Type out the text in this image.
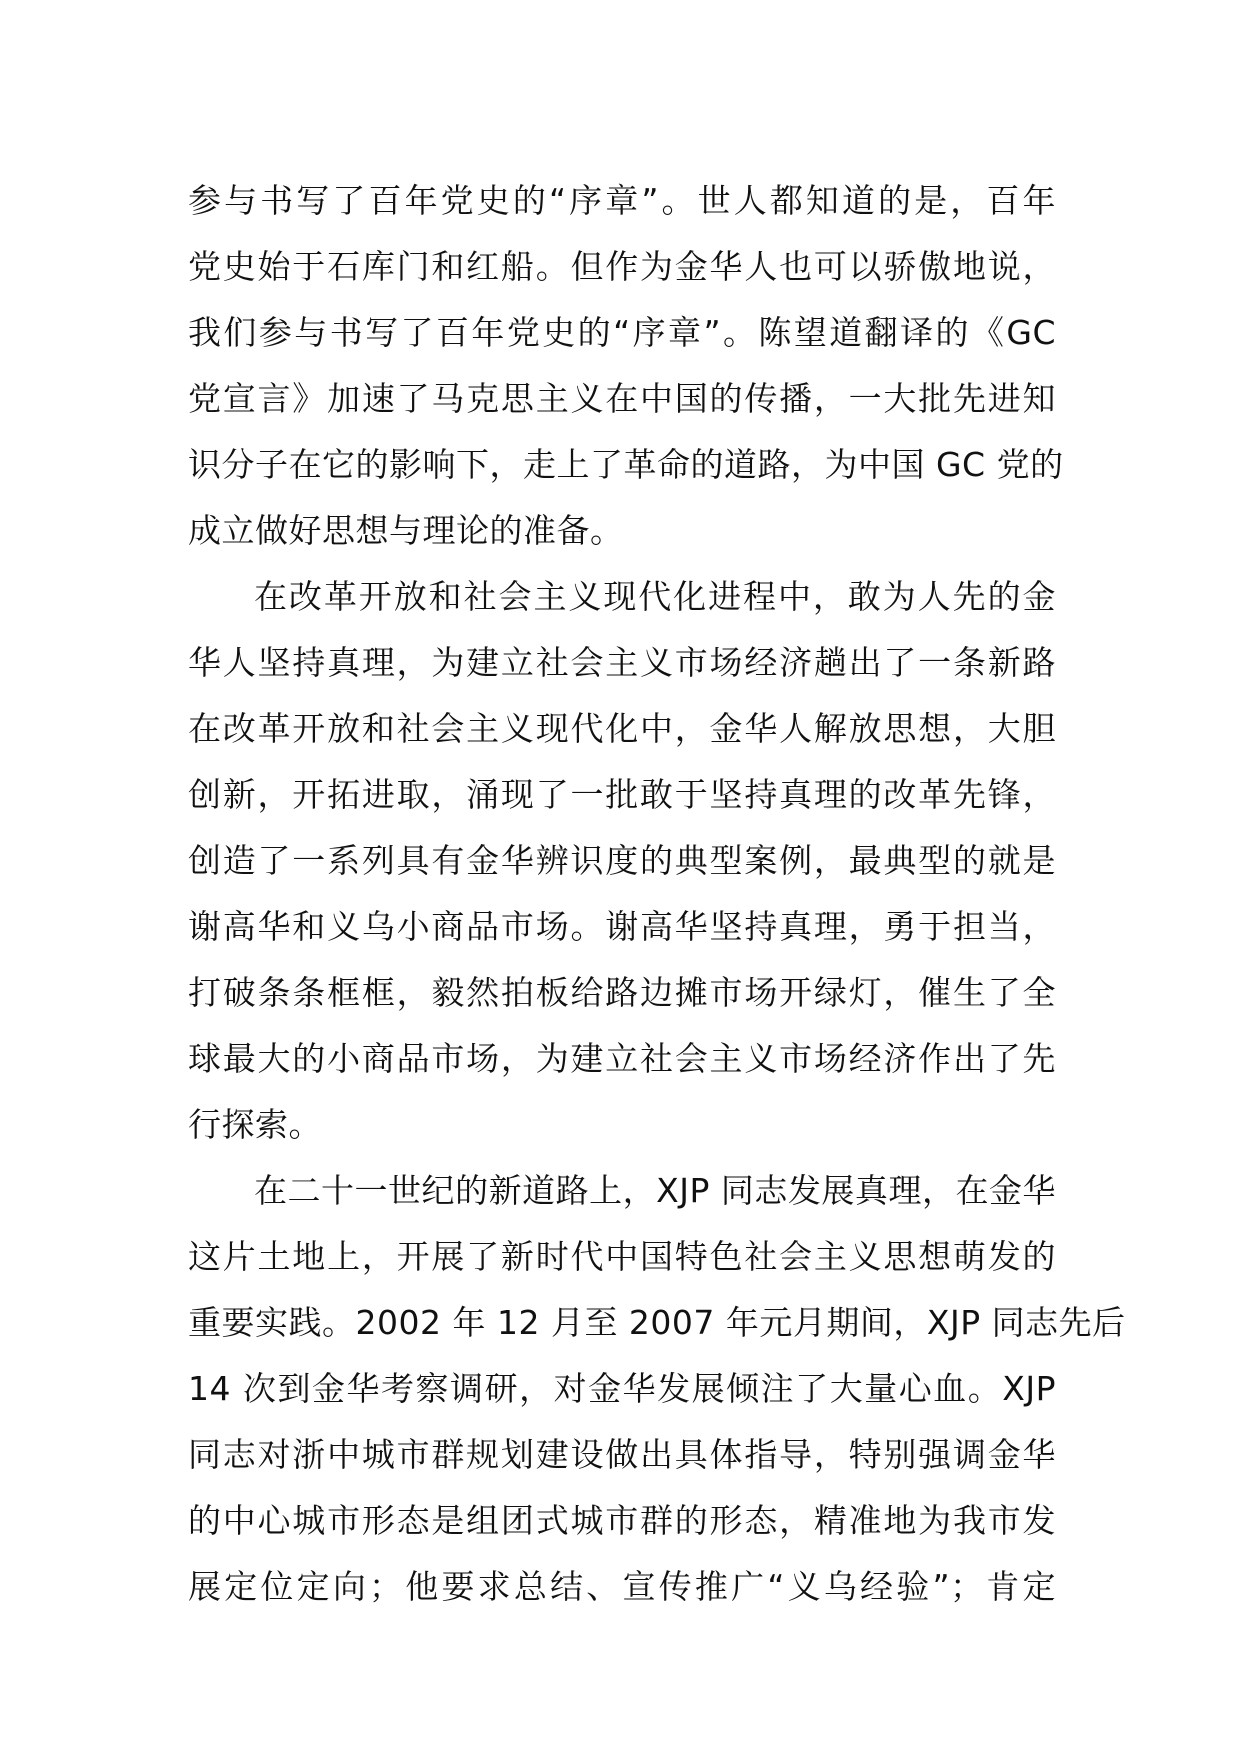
参与书写了百年党史的“序章”。世人都知道的是，百年
党史始于石库门和红船。但作为金华人也可以骄傲地说，
我们参与书写了百年党史的“序章”。陈望道翻译的《GC
党宣言》加速了马克思主义在中国的传播，一大批先进知
识分子在它的影响下，走上了革命的道路，为中国 GC 党的
成立做好思想与理论的准备。
在改革开放和社会主义现代化进程中，敢为人先的金
华人坚持真理，为建立社会主义市场经济趟出了一条新路
在改革开放和社会主义现代化中，金华人解放思想，大胆
创新，开拓进取，涌现了一批敢于坚持真理的改革先锋，
创造了一系列具有金华辨识度的典型案例，最典型的就是
谢高华和义乌小商品市场。谢高华坚持真理，勇于担当，
打破条条框框，毅然拍板给路边摊市场开绿灯，催生了全
球最大的小商品市场，为建立社会主义市场经济作出了先
行探索。
在二十一世纪的新道路上，XJP 同志发展真理，在金华
这片土地上，开展了新时代中国特色社会主义思想萌发的
重要实践。2002 年 12 月至 2007 年元月期间，XJP 同志先后
14 次到金华考察调研，对金华发展倾注了大量心血。XJP
同志对浙中城市群规划建设做出具体指导，特别强调金华
的中心城市形态是组团式城市群的形态，精准地为我市发
展定位定向；他要求总结、宣传推广“义乌经验”；肯定
